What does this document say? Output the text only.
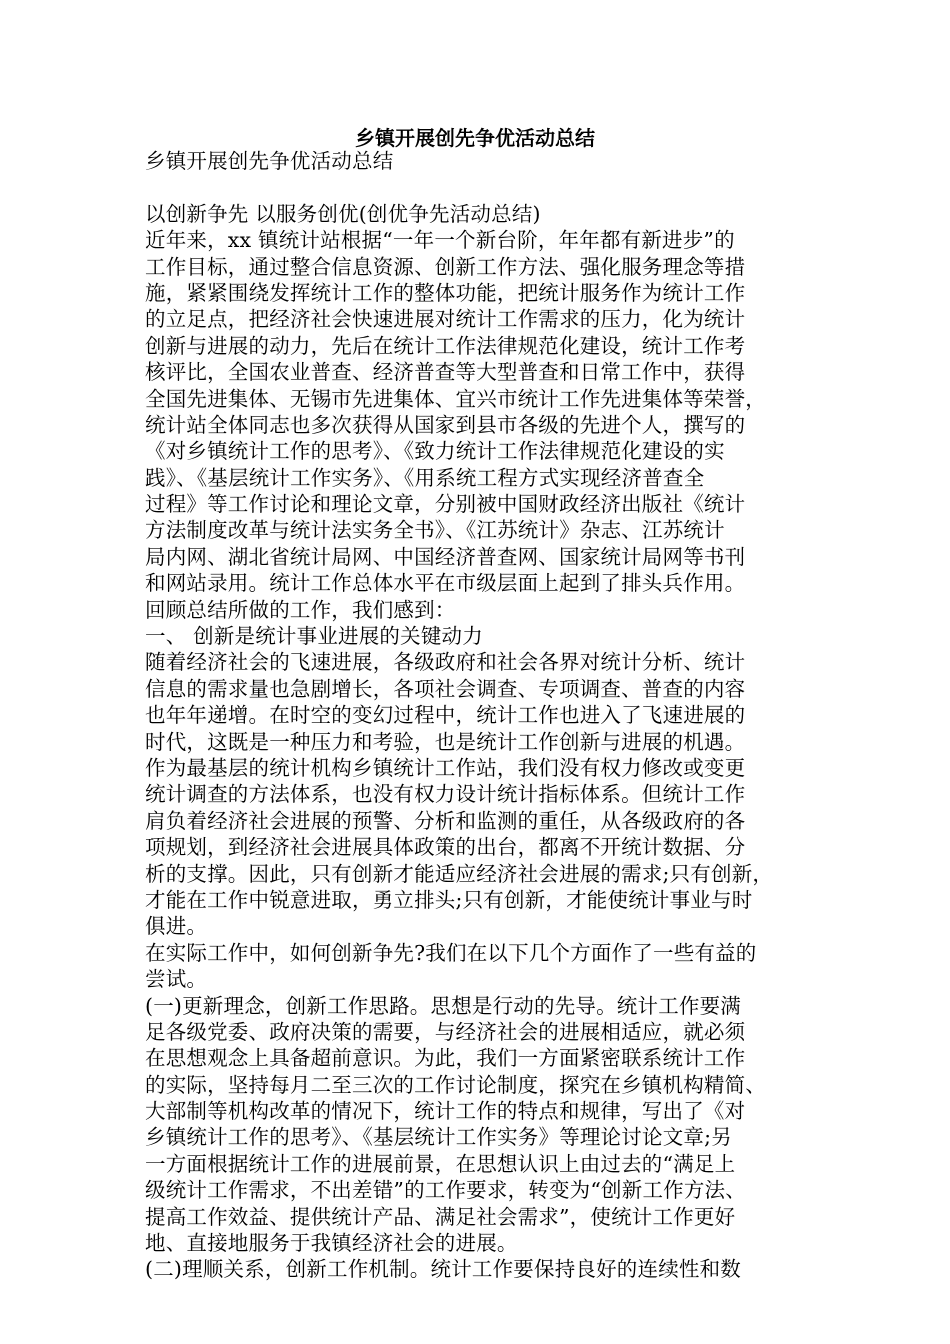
乡镇开展创先争优活动总结
乡镇开展创先争优活动总结
以创新争先 以服务创优(创优争先活动总结)
近年来，xx 镇统计站根据“一年一个新台阶，年年都有新进步”的
工作目标，通过整合信息资源、创新工作方法、强化服务理念等措
施，紧紧围绕发挥统计工作的整体功能，把统计服务作为统计工作
的立足点，把经济社会快速进展对统计工作需求的压力，化为统计
创新与进展的动力，先后在统计工作法律规范化建设，统计工作考
核评比，全国农业普查、经济普查等大型普查和日常工作中，获得
全国先进集体、无锡市先进集体、宜兴市统计工作先进集体等荣誉，
统计站全体同志也多次获得从国家到县市各级的先进个人，撰写的
《对乡镇统计工作的思考》、《致力统计工作法律规范化建设的实
践》、《基层统计工作实务》、《用系统工程方式实现经济普查全
过程》等工作讨论和理论文章，分别被中国财政经济出版社《统计
方法制度改革与统计法实务全书》、《江苏统计》杂志、江苏统计
局内网、湖北省统计局网、中国经济普查网、国家统计局网等书刊
和网站录用。统计工作总体水平在市级层面上起到了排头兵作用。
回顾总结所做的工作，我们感到：
一、 创新是统计事业进展的关键动力
随着经济社会的飞速进展，各级政府和社会各界对统计分析、统计
信息的需求量也急剧增长，各项社会调查、专项调查、普查的内容
也年年递增。在时空的变幻过程中，统计工作也进入了飞速进展的
时代，这既是一种压力和考验，也是统计工作创新与进展的机遇。
作为最基层的统计机构乡镇统计工作站，我们没有权力修改或变更
统计调查的方法体系，也没有权力设计统计指标体系。但统计工作
肩负着经济社会进展的预警、分析和监测的重任，从各级政府的各
项规划，到经济社会进展具体政策的出台，都离不开统计数据、分
析的支撑。因此，只有创新才能适应经济社会进展的需求;只有创新，
才能在工作中锐意进取，勇立排头;只有创新，才能使统计事业与时
俱进。
在实际工作中，如何创新争先?我们在以下几个方面作了一些有益的
尝试。
(一)更新理念，创新工作思路。思想是行动的先导。统计工作要满
足各级党委、政府决策的需要，与经济社会的进展相适应，就必须
在思想观念上具备超前意识。为此，我们一方面紧密联系统计工作
的实际，坚持每月二至三次的工作讨论制度，探究在乡镇机构精简、
大部制等机构改革的情况下，统计工作的特点和规律，写出了《对
乡镇统计工作的思考》、《基层统计工作实务》等理论讨论文章;另
一方面根据统计工作的进展前景，在思想认识上由过去的“满足上
级统计工作需求，不出差错”的工作要求，转变为“创新工作方法、
提高工作效益、提供统计产品、满足社会需求”，使统计工作更好
地、直接地服务于我镇经济社会的进展。
(二)理顺关系，创新工作机制。统计工作要保持良好的连续性和数
